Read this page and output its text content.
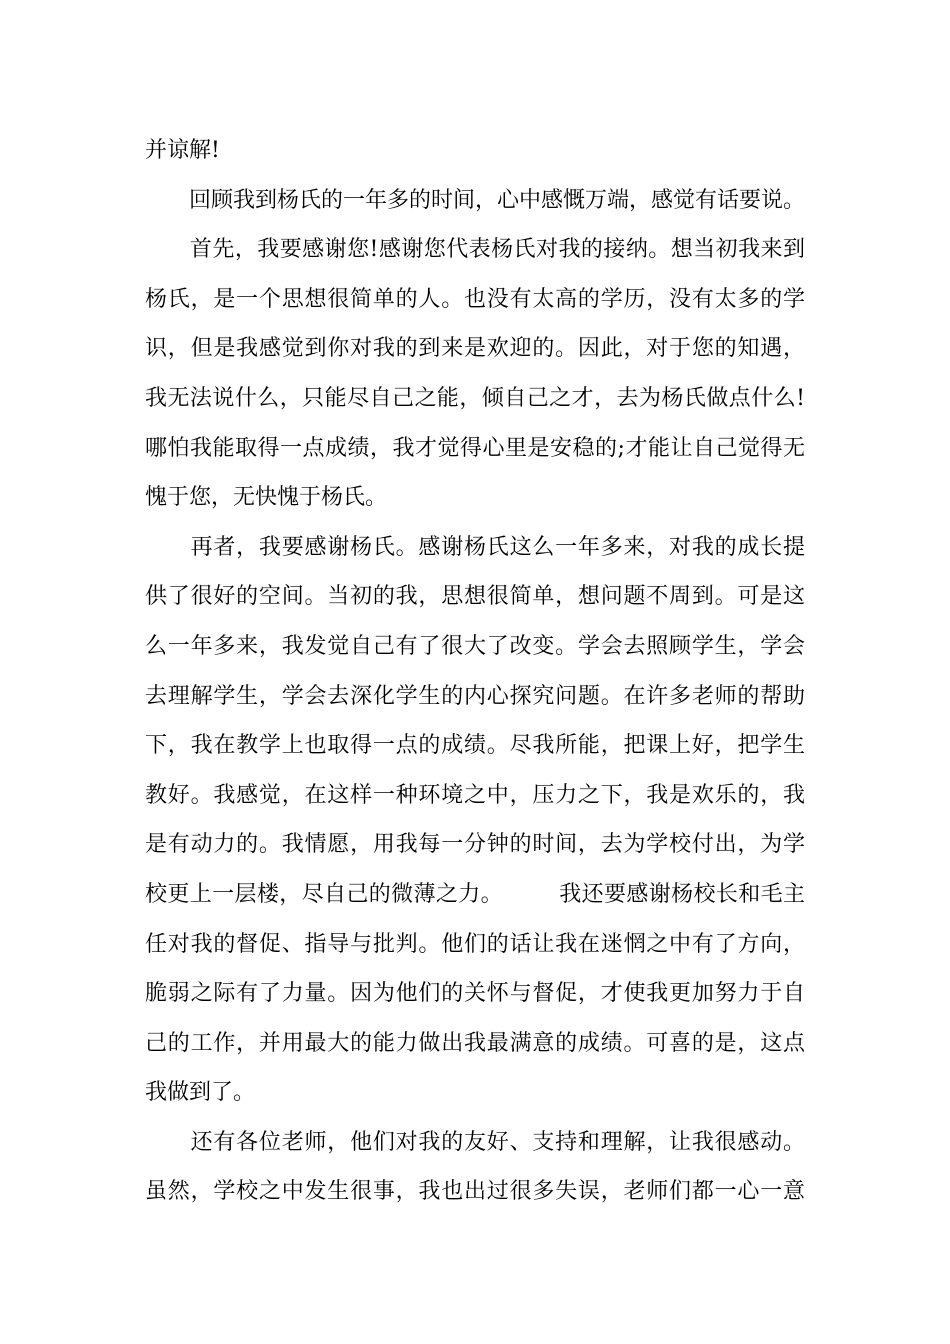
并谅解!
　　回顾我到杨氏的一年多的时间，心中感慨万端，感觉有话要说。
　　首先，我要感谢您!感谢您代表杨氏对我的接纳。想当初我来到
杨氏，是一个思想很简单的人。也没有太高的学历，没有太多的学
识，但是我感觉到你对我的到来是欢迎的。因此，对于您的知遇，
我无法说什么，只能尽自己之能，倾自己之才，去为杨氏做点什么!
哪怕我能取得一点成绩，我才觉得心里是安稳的;才能让自己觉得无
愧于您，无快愧于杨氏。
　　再者，我要感谢杨氏。感谢杨氏这么一年多来，对我的成长提
供了很好的空间。当初的我，思想很简单，想问题不周到。可是这
么一年多来，我发觉自己有了很大了改变。学会去照顾学生，学会
去理解学生，学会去深化学生的内心探究问题。在许多老师的帮助
下，我在教学上也取得一点的成绩。尽我所能，把课上好，把学生
教好。我感觉，在这样一种环境之中，压力之下，我是欢乐的，我
是有动力的。我情愿，用我每一分钟的时间，去为学校付出，为学
校更上一层楼，尽自己的微薄之力。　　　我还要感谢杨校长和毛主
任对我的督促、指导与批判。他们的话让我在迷惘之中有了方向，
脆弱之际有了力量。因为他们的关怀与督促，才使我更加努力于自
己的工作，并用最大的能力做出我最满意的成绩。可喜的是，这点
我做到了。
　　还有各位老师，他们对我的友好、支持和理解，让我很感动。
虽然，学校之中发生很事，我也出过很多失误，老师们都一心一意
